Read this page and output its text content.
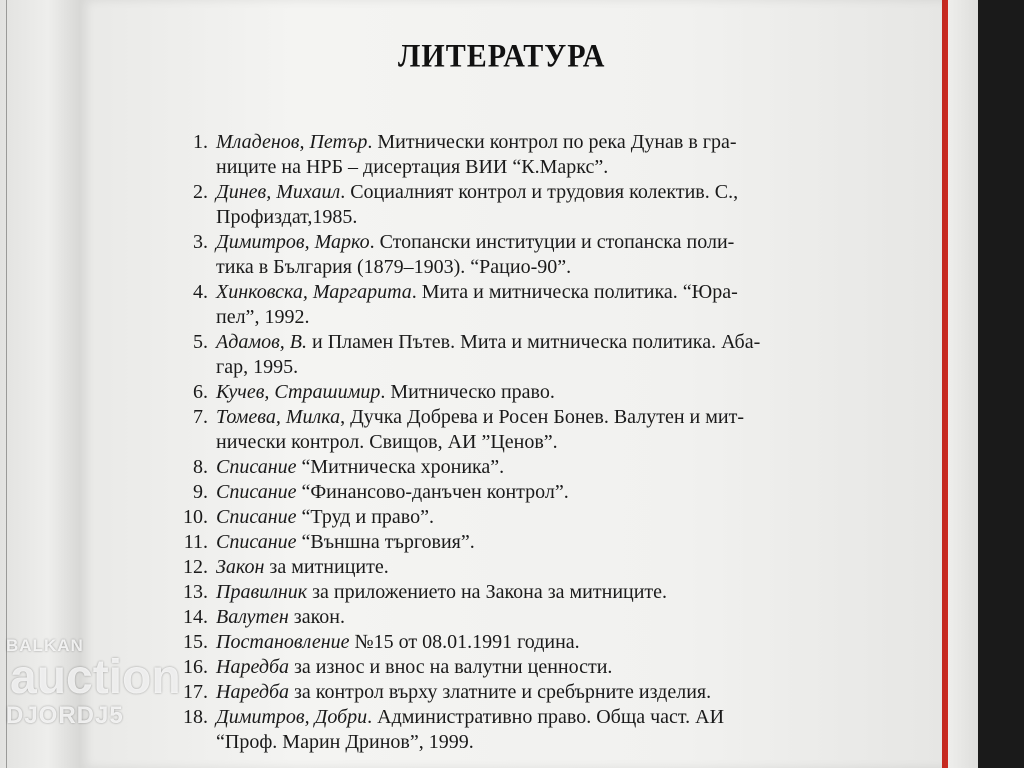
ЛИТЕРАТУРА
1. Младенов, Петър. Митнически контрол по река Дунав в гра-
ниците на НРБ – дисертация ВИИ “К.Маркс”.
2. Динев, Михаил. Социалният контрол и трудовия колектив. С.,
Профиздат,1985.
3. Димитров, Марко. Стопански институции и стопанска поли-
тика в България (1879–1903). “Рацио-90”.
4. Хинковска, Маргарита. Мита и митническа политика. “Юра-
пел”, 1992.
5. Адамов, В. и Пламен Пътев. Мита и митническа политика. Аба-
гар, 1995.
6. Кучев, Страшимир. Митническо право.
7. Томева, Милка, Дучка Добрева и Росен Бонев. Валутен и мит-
нически контрол. Свищов, АИ ”Ценов”.
8. Списание “Митническа хроника”.
9. Списание “Финансово-данъчен контрол”.
10. Списание “Труд и право”.
11. Списание “Външна търговия”.
12. Закон за митниците.
13. Правилник за приложението на Закона за митниците.
14. Валутен закон.
15. Постановление №15 от 08.01.1991 година.
16. Наредба за износ и внос на валутни ценности.
17. Наредба за контрол върху златните и сребърните изделия.
18. Димитров, Добри. Административно право. Обща част. АИ
“Проф. Марин Дринов”, 1999.
BALKAN
auction
DJORDJ5
